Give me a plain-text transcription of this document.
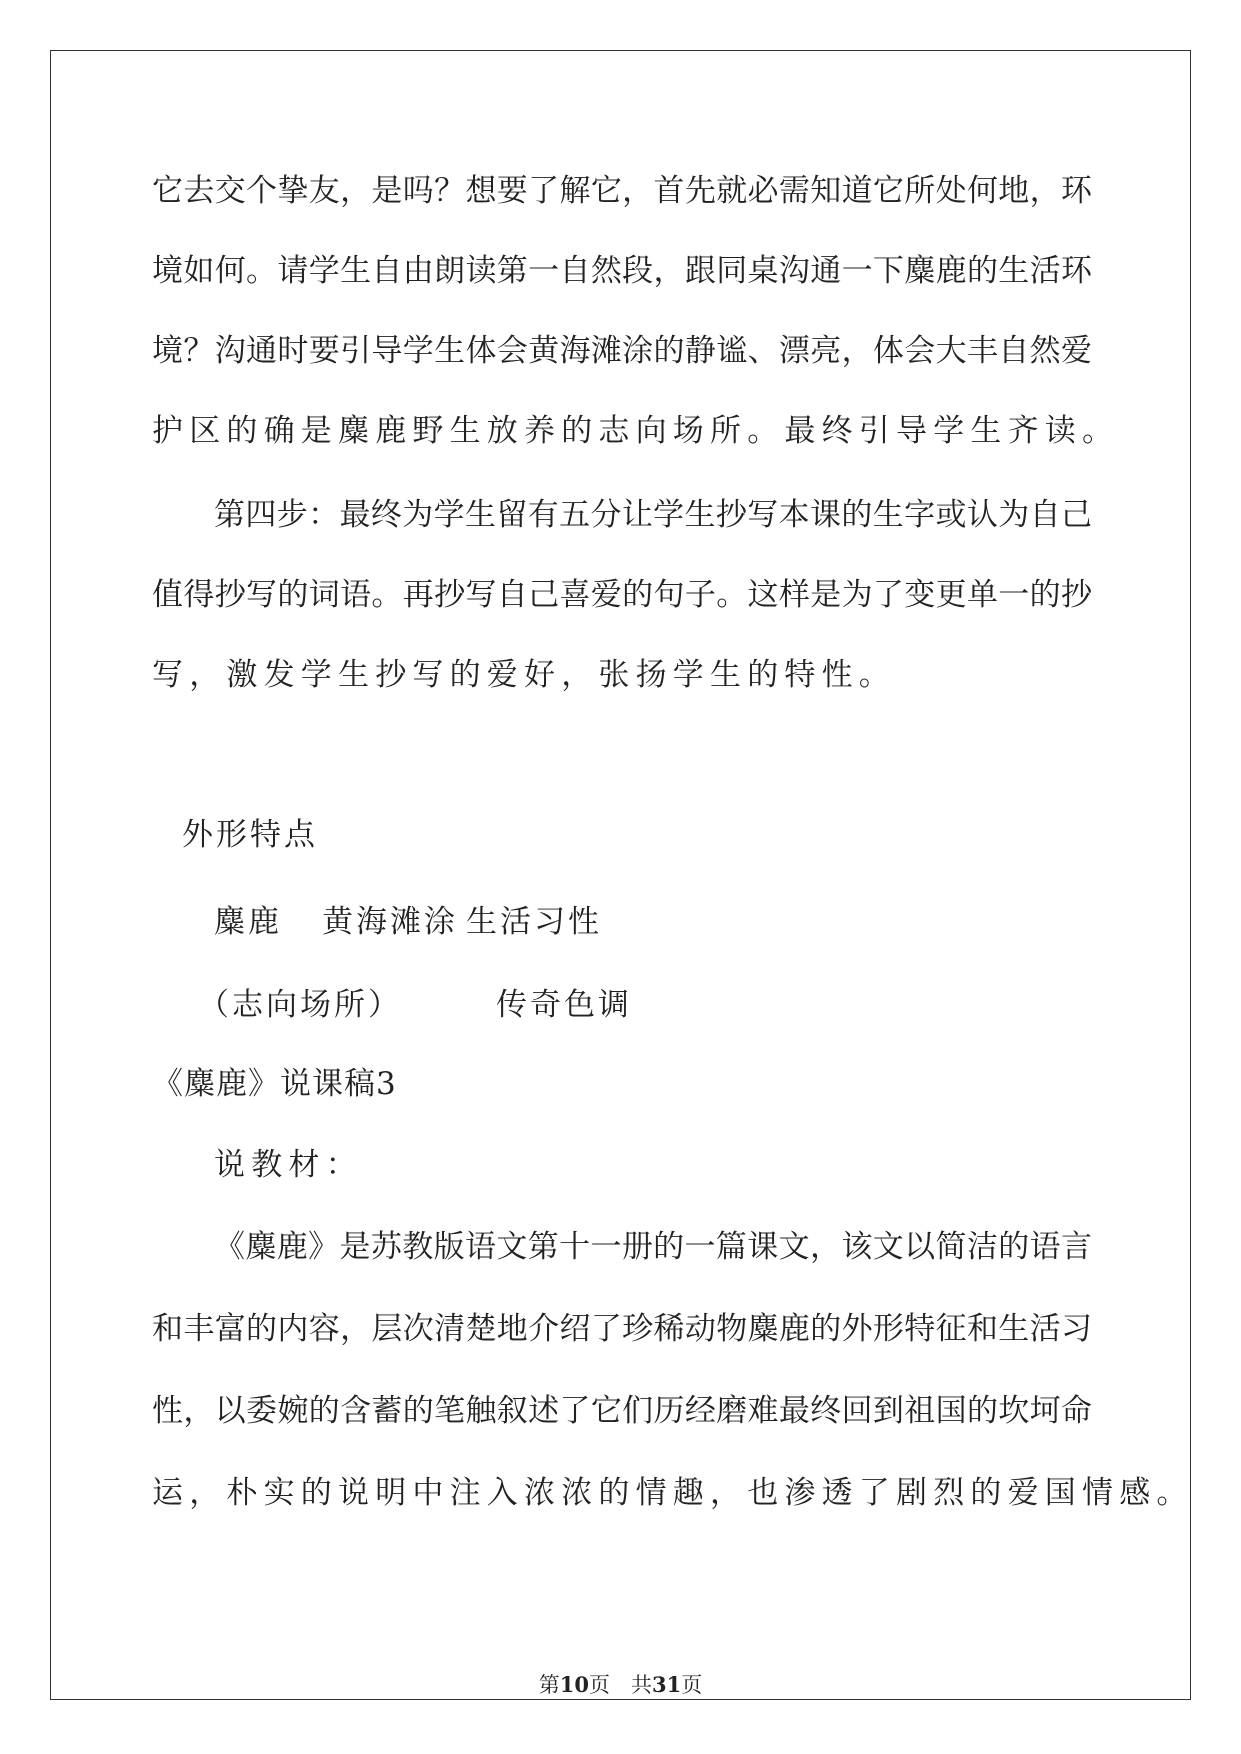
它去交个挚友，是吗？想要了解它，首先就必需知道它所处何地，环
境如何。请学生自由朗读第一自然段，跟同桌沟通一下麋鹿的生活环
境？沟通时要引导学生体会黄海滩涂的静谧、漂亮，体会大丰自然爱
护区的确是麋鹿野生放养的志向场所。最终引导学生齐读。
第四步：最终为学生留有五分让学生抄写本课的生字或认为自己
值得抄写的词语。再抄写自己喜爱的句子。这样是为了变更单一的抄
写，激发学生抄写的爱好，张扬学生的特性。
外形特点
麋鹿 黄海滩涂 生活习性
（志向场所）	传奇色调
《麋鹿》说课稿3
说教材：
《麋鹿》是苏教版语文第十一册的一篇课文，该文以简洁的语言
和丰富的内容，层次清楚地介绍了珍稀动物麋鹿的外形特征和生活习
性，以委婉的含蓄的笔触叙述了它们历经磨难最终回到祖国的坎坷命
运，朴实的说明中注入浓浓的情趣，也渗透了剧烈的爱国情感。
第10页　共31页
